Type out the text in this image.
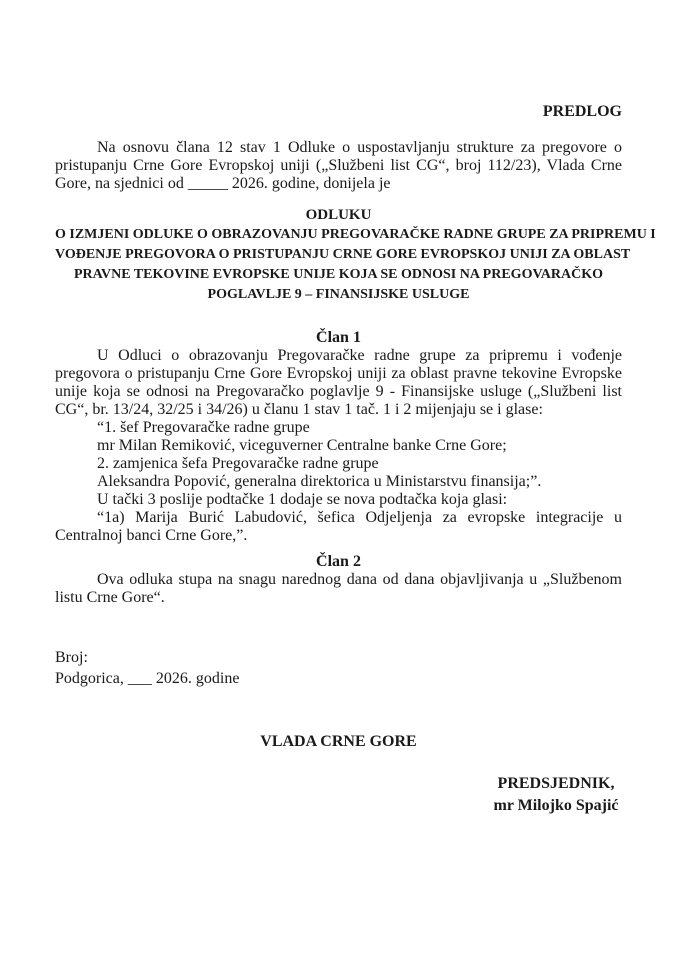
PREDLOG

Na osnovu člana 12 stav 1 Odluke o uspostavljanju strukture za pregovore o pristupanju Crne Gore Evropskoj uniji („Službeni list CG“, broj 112/23), Vlada Crne Gore, na sjednici od _____ 2026. godine, donijela je

ODLUKU
O IZMJENI ODLUKE O OBRAZOVANJU PREGOVARAČKE RADNE GRUPE ZA PRIPREMU I
VOĐENJE PREGOVORA O PRISTUPANJU CRNE GORE EVROPSKOJ UNIJI ZA OBLAST
PRAVNE TEKOVINE EVROPSKE UNIJE KOJA SE ODNOSI NA PREGOVARAČKO
POGLAVLJE 9 – FINANSIJSKE USLUGE
Član 1

U Odluci o obrazovanju Pregovaračke radne grupe za pripremu i vođenje pregovora o pristupanju Crne Gore Evropskoj uniji za oblast pravne tekovine Evropske unije koja se odnosi na Pregovaračko poglavlje 9 - Finansijske usluge („Službeni list CG“, br. 13/24, 32/25 i 34/26) u članu 1 stav 1 tač. 1 i 2 mijenjaju se i glase:

“1. šef Pregovaračke radne grupe
mr Milan Remiković, viceguverner Centralne banke Crne Gore;
2. zamjenica šefa Pregovaračke radne grupe
Aleksandra Popović, generalna direktorica u Ministarstvu finansija;”.
U tački 3 poslije podtačke 1 dodaje se nova podtačka koja glasi:

“1a) Marija Burić Labudović, šefica Odjeljenja za evropske integracije u Centralnoj banci Crne Gore,”.

Član 2

Ova odluka stupa na snagu narednog dana od dana objavljivanja u „Službenom listu Crne Gore“.

Broj:
Podgorica, ___ 2026. godine
VLADA CRNE GORE
PREDSJEDNIK,
mr Milojko Spajić
